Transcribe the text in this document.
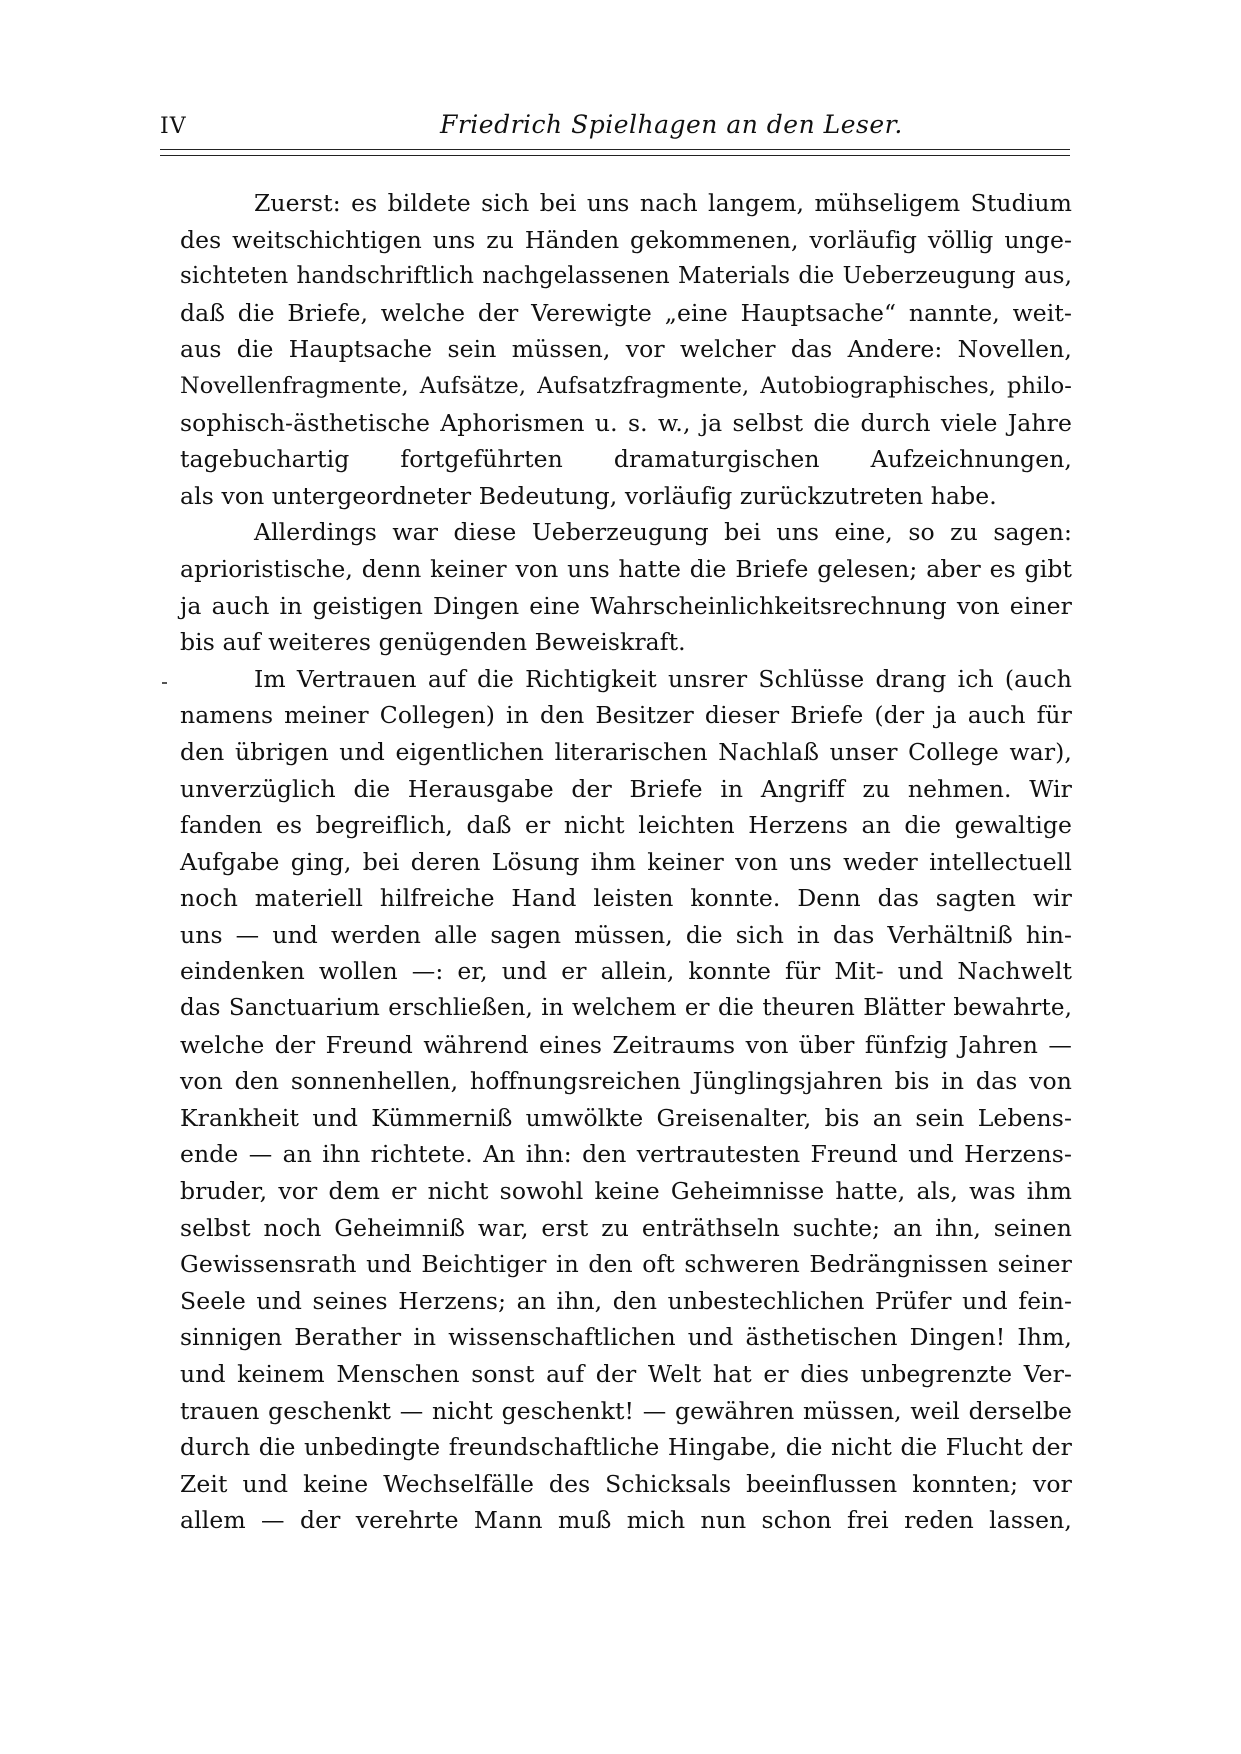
IV	Friedrich Spielhagen an den Leser.
Zuerst: es bildete sich bei uns nach langem, mühseligem Studium
des weitschichtigen uns zu Händen gekommenen, vorläufig völlig unge-
sichteten handschriftlich nachgelassenen Materials die Ueberzeugung aus,
daß die Briefe, welche der Verewigte „eine Hauptsache“ nannte, weit-
aus die Hauptsache sein müssen, vor welcher das Andere: Novellen,
Novellenfragmente, Aufsätze, Aufsatzfragmente, Autobiographisches, philo-
sophisch-ästhetische Aphorismen u. s. w., ja selbst die durch viele Jahre
tagebuchartig fortgeführten dramaturgischen Aufzeichnungen,
als von untergeordneter Bedeutung, vorläufig zurückzutreten habe.
Allerdings war diese Ueberzeugung bei uns eine, so zu sagen:
aprioristische, denn keiner von uns hatte die Briefe gelesen; aber es gibt
ja auch in geistigen Dingen eine Wahrscheinlichkeitsrechnung von einer
bis auf weiteres genügenden Beweiskraft.
Im Vertrauen auf die Richtigkeit unsrer Schlüsse drang ich (auch
namens meiner Collegen) in den Besitzer dieser Briefe (der ja auch für
den übrigen und eigentlichen literarischen Nachlaß unser College war),
unverzüglich die Herausgabe der Briefe in Angriff zu nehmen. Wir
fanden es begreiflich, daß er nicht leichten Herzens an die gewaltige
Aufgabe ging, bei deren Lösung ihm keiner von uns weder intellectuell
noch materiell hilfreiche Hand leisten konnte. Denn das sagten wir
uns — und werden alle sagen müssen, die sich in das Verhältniß hin-
eindenken wollen —: er, und er allein, konnte für Mit- und Nachwelt
das Sanctuarium erschließen, in welchem er die theuren Blätter bewahrte,
welche der Freund während eines Zeitraums von über fünfzig Jahren —
von den sonnenhellen, hoffnungsreichen Jünglingsjahren bis in das von
Krankheit und Kümmerniß umwölkte Greisenalter, bis an sein Lebens-
ende — an ihn richtete. An ihn: den vertrautesten Freund und Herzens-
bruder, vor dem er nicht sowohl keine Geheimnisse hatte, als, was ihm
selbst noch Geheimniß war, erst zu enträthseln suchte; an ihn, seinen
Gewissensrath und Beichtiger in den oft schweren Bedrängnissen seiner
Seele und seines Herzens; an ihn, den unbestechlichen Prüfer und fein-
sinnigen Berather in wissenschaftlichen und ästhetischen Dingen! Ihm,
und keinem Menschen sonst auf der Welt hat er dies unbegrenzte Ver-
trauen geschenkt — nicht geschenkt! — gewähren müssen, weil derselbe
durch die unbedingte freundschaftliche Hingabe, die nicht die Flucht der
Zeit und keine Wechselfälle des Schicksals beeinflussen konnten; vor
allem — der verehrte Mann muß mich nun schon frei reden lassen,
